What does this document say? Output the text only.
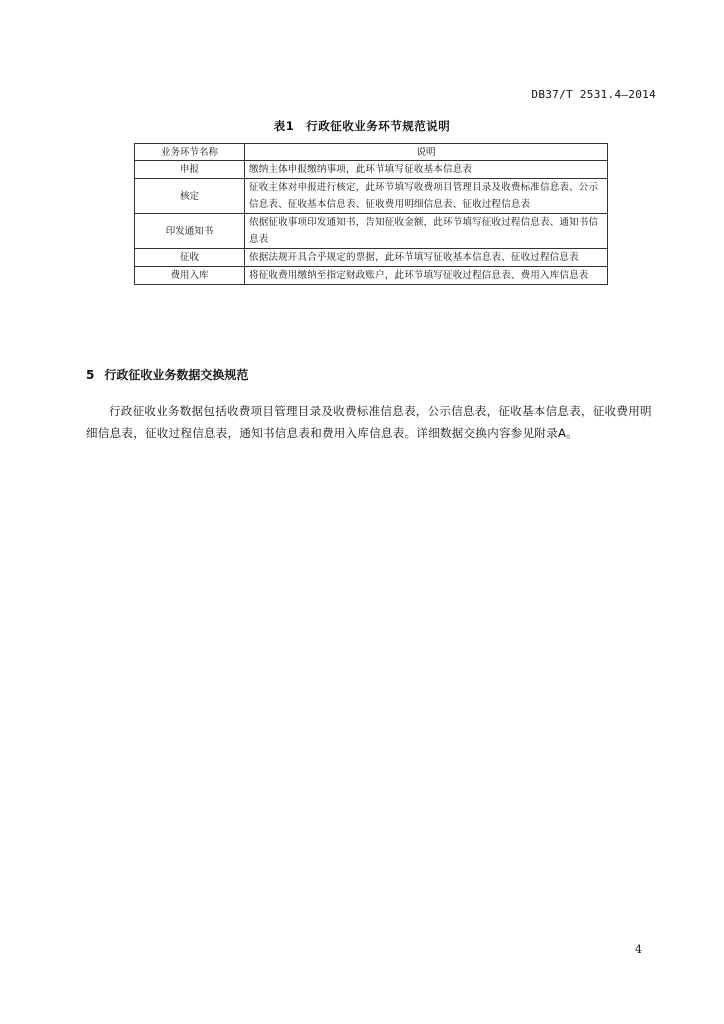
DB37/T 2531.4—2014
表1　行政征收业务环节规范说明
业务环节名称	说明
申报	缴纳主体申报缴纳事项，此环节填写征收基本信息表
核定	征收主体对申报进行核定，此环节填写收费项目管理目录及收费标准信息表、公示信息表、征收基本信息表、征收费用明细信息表、征收过程信息表
印发通知书	依据征收事项印发通知书，告知征收金额，此环节填写征收过程信息表、通知书信息表
征收	依据法规开具合乎规定的票据，此环节填写征收基本信息表、征收过程信息表
费用入库	将征收费用缴纳至指定财政账户，此环节填写征收过程信息表、费用入库信息表
5 行政征收业务数据交换规范
行政征收业务数据包括收费项目管理目录及收费标准信息表，公示信息表，征收基本信息表，征收费用明细信息表，征收过程信息表，通知书信息表和费用入库信息表。详细数据交换内容参见附录A。
4
